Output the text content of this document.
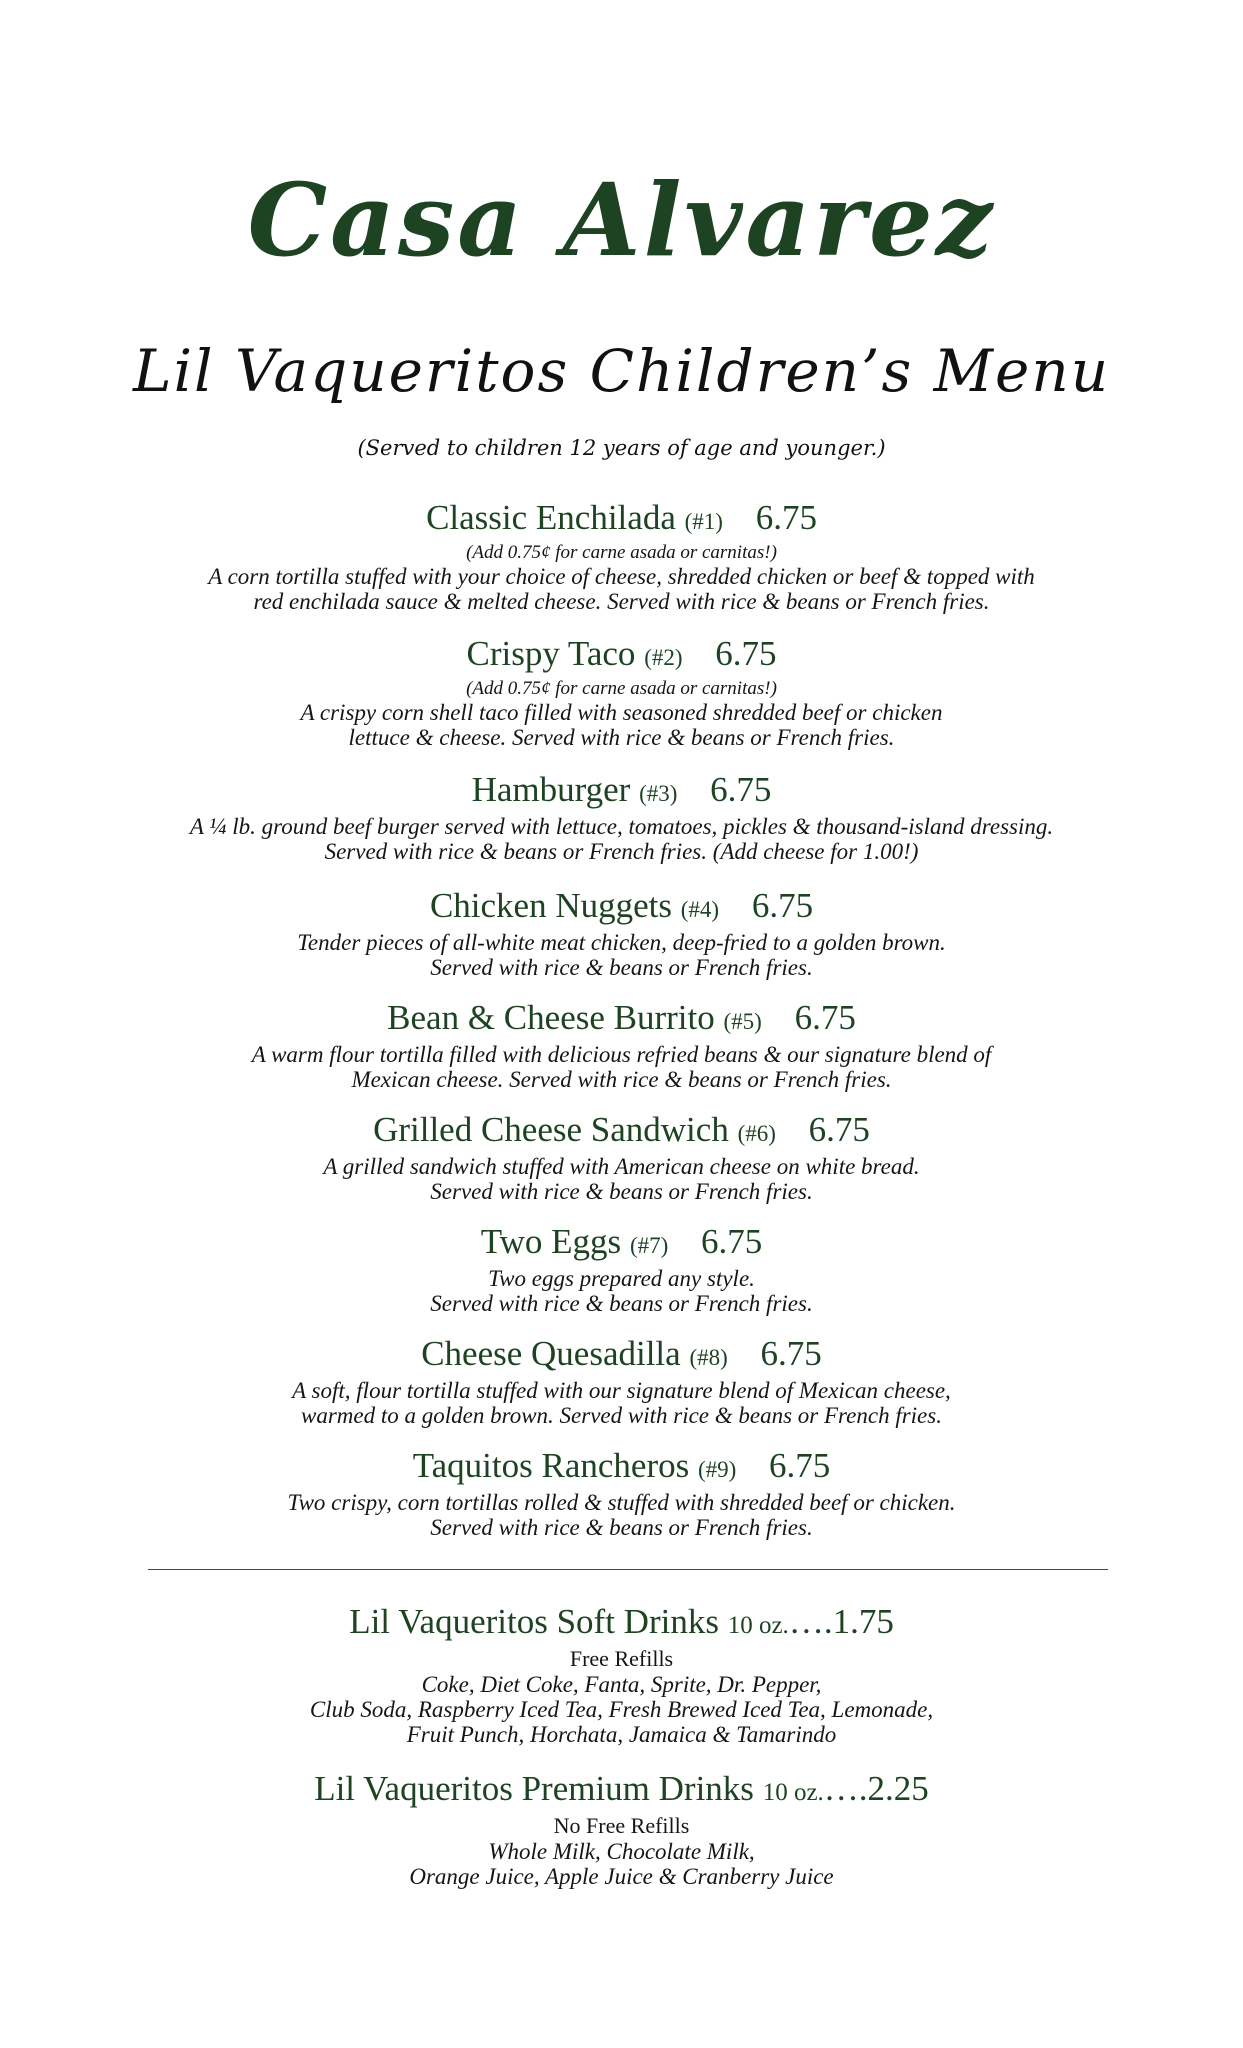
Casa Alvarez
Lil Vaqueritos Children’s Menu
(Served to children 12 years of age and younger.)
Classic Enchilada (#1) 6.75
(Add 0.75¢ for carne asada or carnitas!)
A corn tortilla stuffed with your choice of cheese, shredded chicken or beef & topped with
red enchilada sauce & melted cheese. Served with rice & beans or French fries.
Crispy Taco (#2) 6.75
(Add 0.75¢ for carne asada or carnitas!)
A crispy corn shell taco filled with seasoned shredded beef or chicken
lettuce & cheese. Served with rice & beans or French fries.
Hamburger (#3) 6.75
A ¼ lb. ground beef burger served with lettuce, tomatoes, pickles & thousand-island dressing.
Served with rice & beans or French fries. (Add cheese for 1.00!)
Chicken Nuggets (#4) 6.75
Tender pieces of all-white meat chicken, deep-fried to a golden brown.
Served with rice & beans or French fries.
Bean & Cheese Burrito (#5) 6.75
A warm flour tortilla filled with delicious refried beans & our signature blend of
Mexican cheese. Served with rice & beans or French fries.
Grilled Cheese Sandwich (#6) 6.75
A grilled sandwich stuffed with American cheese on white bread.
Served with rice & beans or French fries.
Two Eggs (#7) 6.75
Two eggs prepared any style.
Served with rice & beans or French fries.
Cheese Quesadilla (#8) 6.75
A soft, flour tortilla stuffed with our signature blend of Mexican cheese,
warmed to a golden brown. Served with rice & beans or French fries.
Taquitos Rancheros (#9) 6.75
Two crispy, corn tortillas rolled & stuffed with shredded beef or chicken.
Served with rice & beans or French fries.
Lil Vaqueritos Soft Drinks 10 oz.….1.75
Free Refills
Coke, Diet Coke, Fanta, Sprite, Dr. Pepper,
Club Soda, Raspberry Iced Tea, Fresh Brewed Iced Tea, Lemonade,
Fruit Punch, Horchata, Jamaica & Tamarindo
Lil Vaqueritos Premium Drinks 10 oz.….2.25
No Free Refills
Whole Milk, Chocolate Milk,
Orange Juice, Apple Juice & Cranberry Juice
